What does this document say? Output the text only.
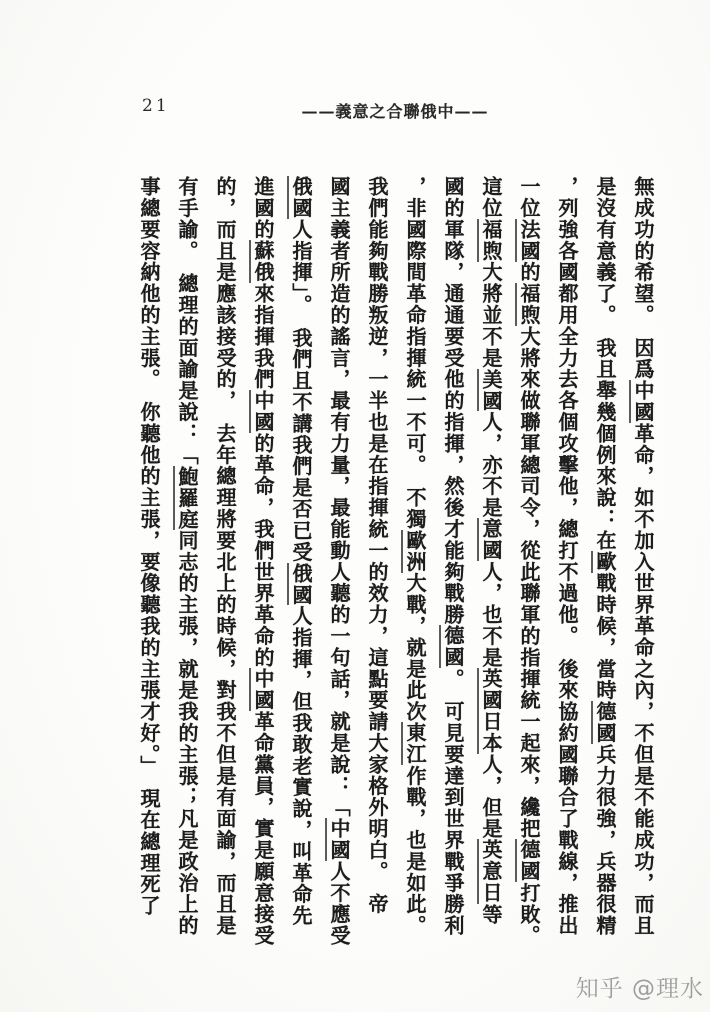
21	——義意之合聯俄中——
無成功的希望。　因爲中國革命，如不加入世界革命之內，不但是不能成功，而且
是沒有意義了。　我且舉幾個例來說：在歐戰時候，當時德國兵力很強，兵器很精
，列強各國都用全力去各個攻擊他，總打不過他。　後來協約國聯合了戰線，推出
一位法國的福煦大將來做聯軍總司令，從此聯軍的指揮統一起來，纔把德國打敗。
這位福煦大將並不是美國人，亦不是意國人，也不是英國日本人，但是英意日等
國的軍隊，通通要受他的指揮，然後才能夠戰勝德國。　可見要達到世界戰爭勝利
，非國際間革命指揮統一不可。　不獨歐洲大戰，就是此次東江作戰，也是如此。
我們能夠戰勝叛逆，一半也是在指揮統一的效力，這點要請大家格外明白。　帝
國主義者所造的謠言，最有力量，最能動人聽的一句話，就是說：「中國人不應受
俄國人指揮」。　我們且不講我們是否已受俄國人指揮，但我敢老實說，叫革命先
進國的蘇俄來指揮我們中國的革命，我們世界革命的中國革命黨員，實是願意接受
的，而且是應該接受的，　去年總理將要北上的時候，對我不但是有面諭，而且是
有手諭。　總理的面諭是說：「鮑羅庭同志的主張，就是我的主張；凡是政治上的
事總要容納他的主張。　你聽他的主張，要像聽我的主張才好。」　現在總理死了
知乎 @理水
